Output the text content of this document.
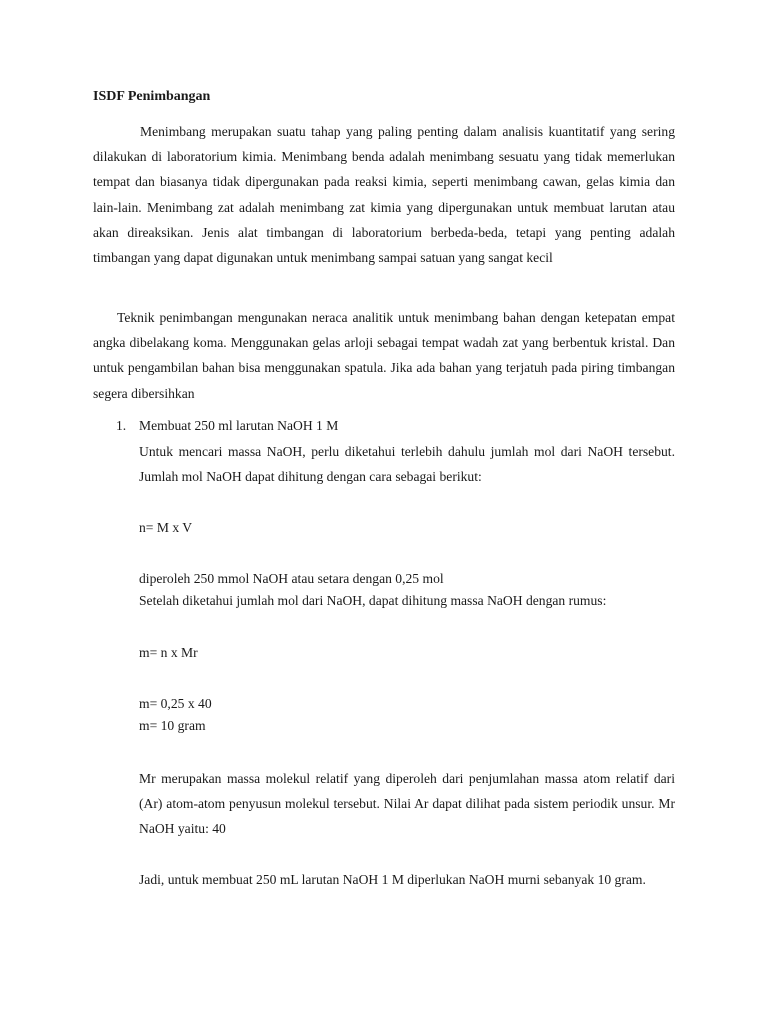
ISDF Penimbangan
Menimbang merupakan suatu tahap yang paling penting dalam analisis kuantitatif yang sering dilakukan di laboratorium kimia. Menimbang benda adalah menimbang sesuatu yang tidak memerlukan tempat dan biasanya tidak dipergunakan pada reaksi kimia, seperti menimbang cawan, gelas kimia dan lain-lain. Menimbang zat adalah menimbang zat kimia yang dipergunakan untuk membuat larutan atau akan direaksikan. Jenis alat timbangan di laboratorium berbeda-beda, tetapi yang penting adalah timbangan yang dapat digunakan untuk menimbang sampai satuan yang sangat kecil
Teknik penimbangan mengunakan neraca analitik untuk menimbang bahan dengan ketepatan empat angka dibelakang koma. Menggunakan gelas arloji sebagai tempat wadah zat yang berbentuk kristal. Dan untuk pengambilan bahan bisa menggunakan spatula. Jika ada bahan yang terjatuh pada piring timbangan segera dibersihkan
1. Membuat 250 ml larutan NaOH 1 M
Untuk mencari massa NaOH, perlu diketahui terlebih dahulu jumlah mol dari NaOH tersebut. Jumlah mol NaOH dapat dihitung dengan cara sebagai berikut:
n= M x V
diperoleh 250 mmol NaOH atau setara dengan 0,25 mol
Setelah diketahui jumlah mol dari NaOH, dapat dihitung massa NaOH dengan rumus:
m= n x Mr
m= 0,25 x 40
m= 10 gram
Mr merupakan massa molekul relatif yang diperoleh dari penjumlahan massa atom relatif dari (Ar) atom-atom penyusun molekul tersebut. Nilai Ar dapat dilihat pada sistem periodik unsur. Mr NaOH yaitu: 40
Jadi, untuk membuat 250 mL larutan NaOH 1 M diperlukan NaOH murni sebanyak 10 gram.
